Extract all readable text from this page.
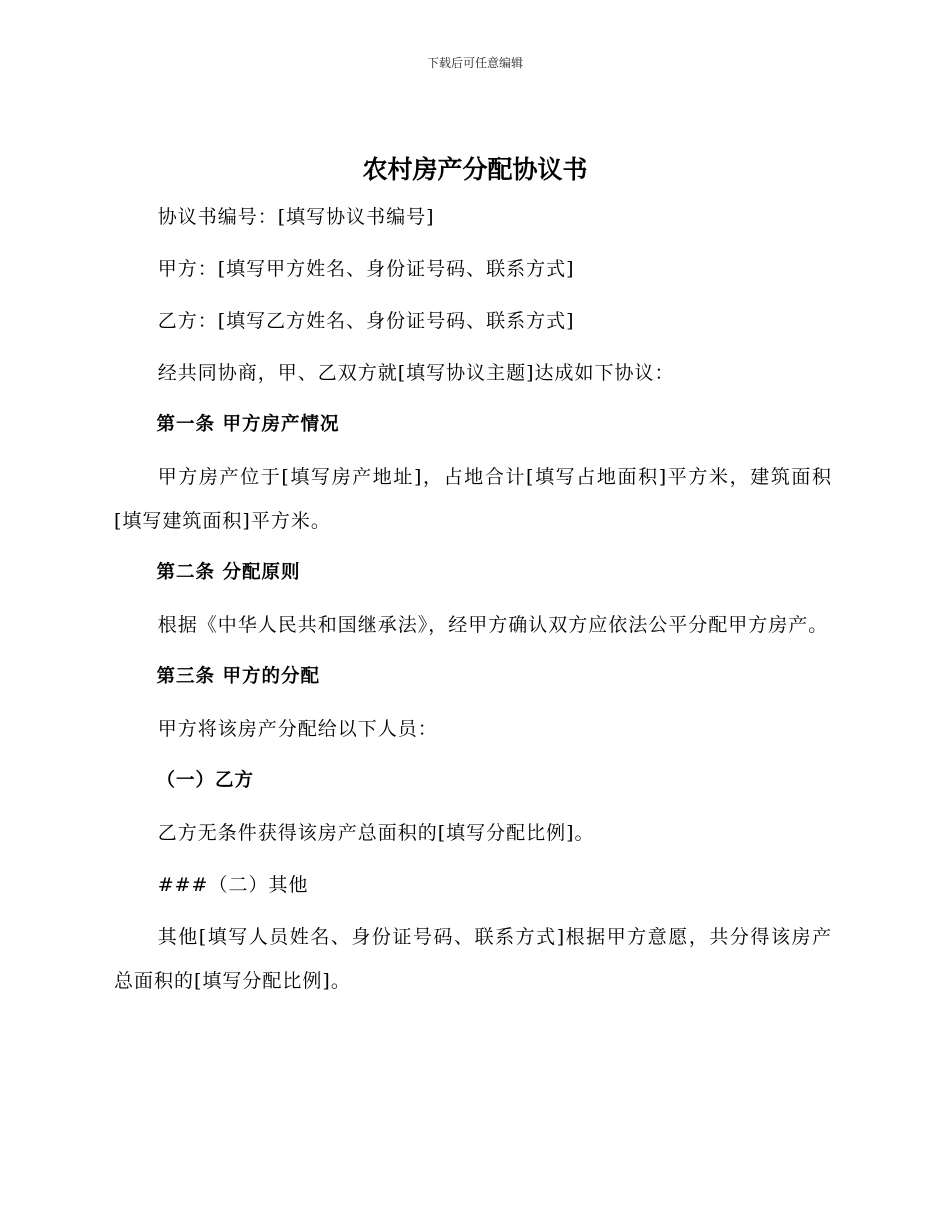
下载后可任意编辑
农村房产分配协议书

协议书编号：[填写协议书编号]

甲方：[填写甲方姓名、身份证号码、联系方式]

乙方：[填写乙方姓名、身份证号码、联系方式]

经共同协商，甲、乙双方就[填写协议主题]达成如下协议：

第一条 甲方房产情况

甲方房产位于[填写房产地址]，占地合计[填写占地面积]平方米，建筑面积[填写建筑面积]平方米。

第二条 分配原则

根据《中华人民共和国继承法》，经甲方确认双方应依法公平分配甲方房产。

第三条 甲方的分配

甲方将该房产分配给以下人员：

（一）乙方

乙方无条件获得该房产总面积的[填写分配比例]。

###（二）其他

其他[填写人员姓名、身份证号码、联系方式]根据甲方意愿，共分得该房产总面积的[填写分配比例]。
